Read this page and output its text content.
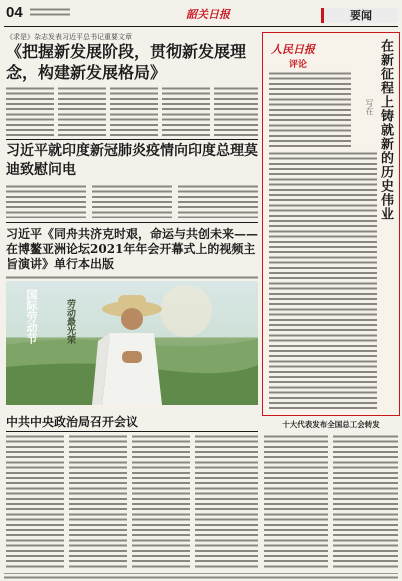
04	韶关日报	要闻
《求是》杂志发表习近平总书记重要文章
《把握新发展阶段，贯彻新发展理念，构建新发展格局》
习近平就印度新冠肺炎疫情向印度总理莫迪致慰问电
习近平《同舟共济克时艰，命运与共创未来——在博鳌亚洲论坛2021年年会开幕式上的视频主旨演讲》单行本出版
国际劳动节	劳动最光荣
中共中央政治局召开会议
人民日报
评论	在新征程上铸就新的历史伟业
写在
十大代表发布全国总工会转发
